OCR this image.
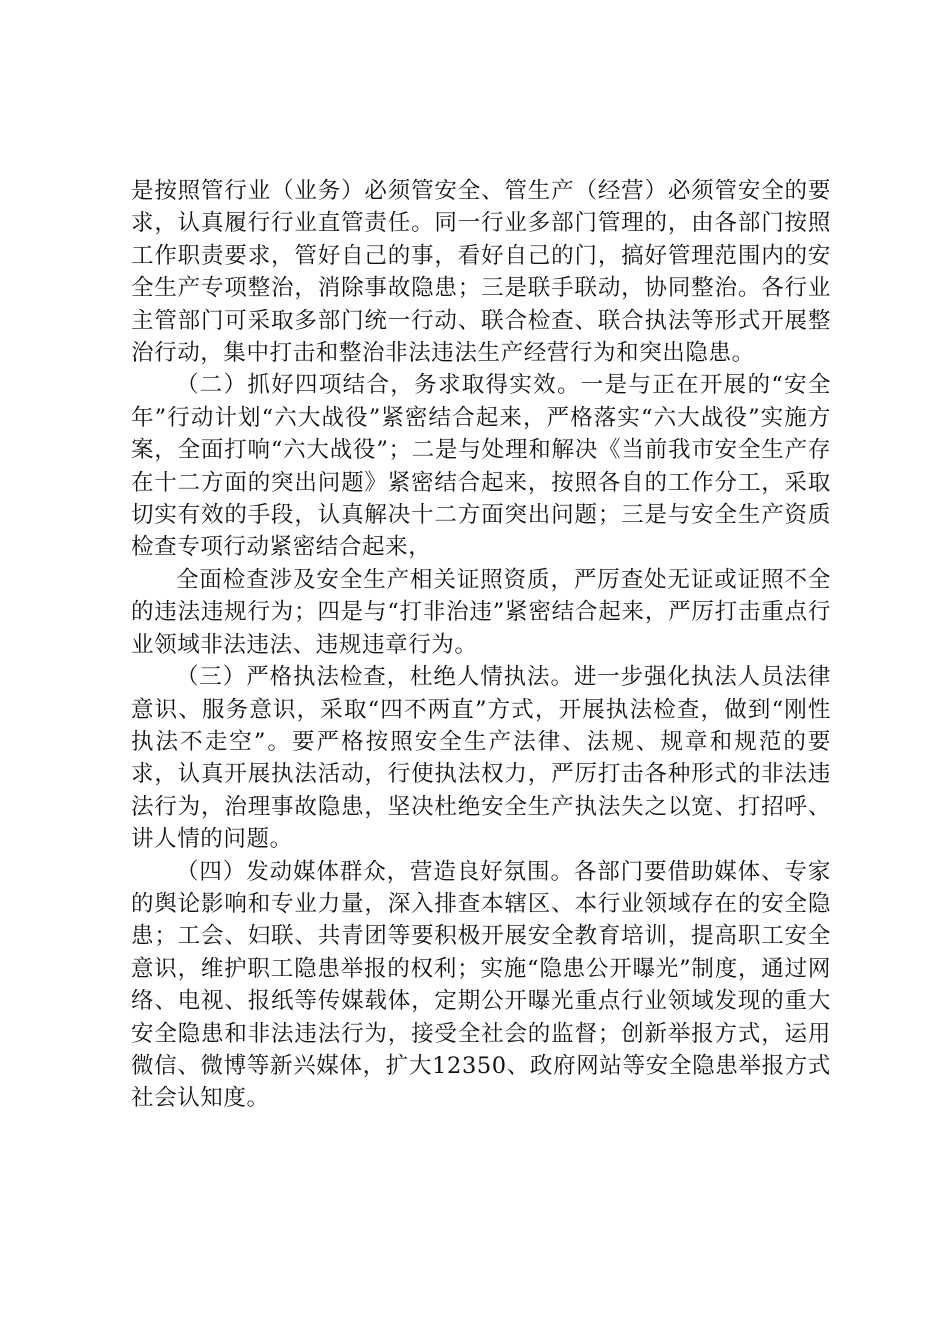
是按照管行业（业务）必须管安全、管生产（经营）必须管安全的要求，认真履行行业直管责任。同一行业多部门管理的，由各部门按照工作职责要求，管好自己的事，看好自己的门，搞好管理范围内的安全生产专项整治，消除事故隐患；三是联手联动，协同整治。各行业主管部门可采取多部门统一行动、联合检查、联合执法等形式开展整治行动，集中打击和整治非法违法生产经营行为和突出隐患。

（二）抓好四项结合，务求取得实效。一是与正在开展的“安全年”行动计划“六大战役”紧密结合起来，严格落实“六大战役”实施方案，全面打响“六大战役”；二是与处理和解决《当前我市安全生产存在十二方面的突出问题》紧密结合起来，按照各自的工作分工，采取切实有效的手段，认真解决十二方面突出问题；三是与安全生产资质检查专项行动紧密结合起来，

全面检查涉及安全生产相关证照资质，严厉查处无证或证照不全的违法违规行为；四是与“打非治违”紧密结合起来，严厉打击重点行业领域非法违法、违规违章行为。

（三）严格执法检查，杜绝人情执法。进一步强化执法人员法律意识、服务意识，采取“四不两直”方式，开展执法检查，做到“刚性执法不走空”。要严格按照安全生产法律、法规、规章和规范的要求，认真开展执法活动，行使执法权力，严厉打击各种形式的非法违法行为，治理事故隐患，坚决杜绝安全生产执法失之以宽、打招呼、讲人情的问题。

（四）发动媒体群众，营造良好氛围。各部门要借助媒体、专家的舆论影响和专业力量，深入排查本辖区、本行业领域存在的安全隐患；工会、妇联、共青团等要积极开展安全教育培训，提高职工安全意识，维护职工隐患举报的权利；实施“隐患公开曝光”制度，通过网络、电视、报纸等传媒载体，定期公开曝光重点行业领域发现的重大安全隐患和非法违法行为，接受全社会的监督；创新举报方式，运用微信、微博等新兴媒体，扩大12350、政府网站等安全隐患举报方式社会认知度。
